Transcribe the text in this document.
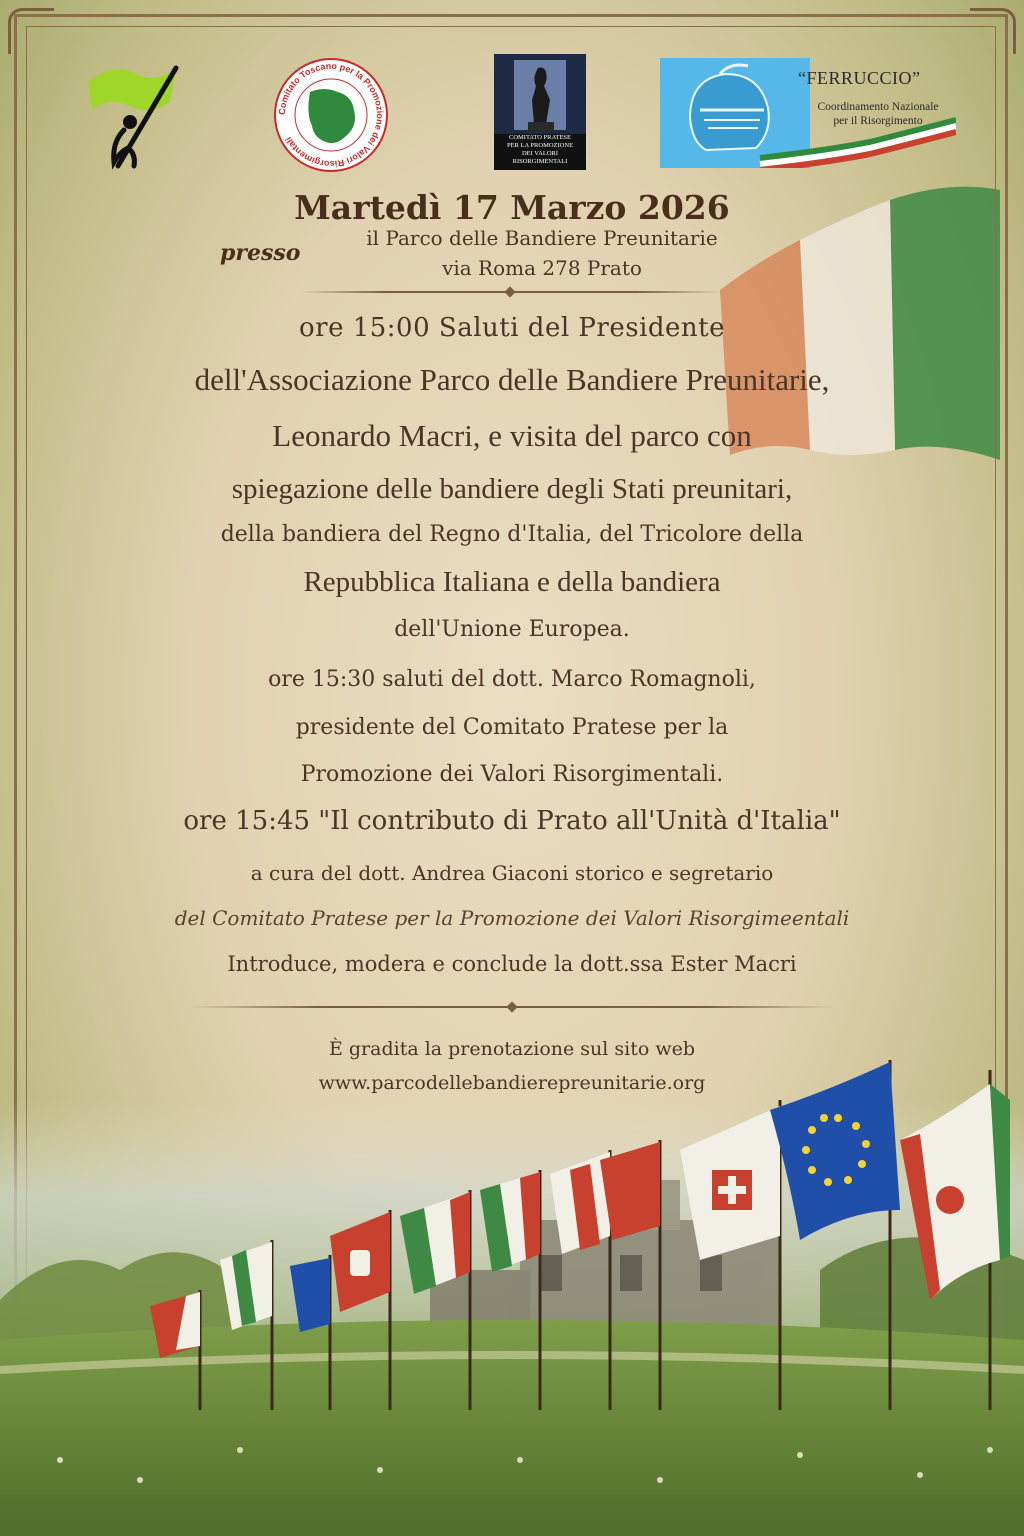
Comitato Toscano per la Promozione dei Valori Risorgimentali	COMITATO PRATESE
PER LA PROMOZIONE
DEI VALORI
RISORGIMENTALI
“FERRUCCIO”
Coordinamento Nazionale
per il Risorgimento
Martedì 17 Marzo 2026
presso
il Parco delle Bandiere Preunitarie
via Roma 278 Prato
ore 15:00 Saluti del Presidente
dell'Associazione Parco delle Bandiere Preunitarie,
Leonardo Macri, e visita del parco con
spiegazione delle bandiere degli Stati preunitari,
della bandiera del Regno d'Italia, del Tricolore della
Repubblica Italiana e della bandiera
dell'Unione Europea.
ore 15:30 saluti del dott. Marco Romagnoli,
presidente del Comitato Pratese per la
Promozione dei Valori Risorgimentali.
ore 15:45 "Il contributo di Prato all'Unità d'Italia"
a cura del dott. Andrea Giaconi storico e segretario
del Comitato Pratese per la Promozione dei Valori Risorgimeentali
Introduce, modera e conclude la dott.ssa Ester Macri
È gradita la prenotazione sul sito web
www.parcodellebandierepreunitarie.org
